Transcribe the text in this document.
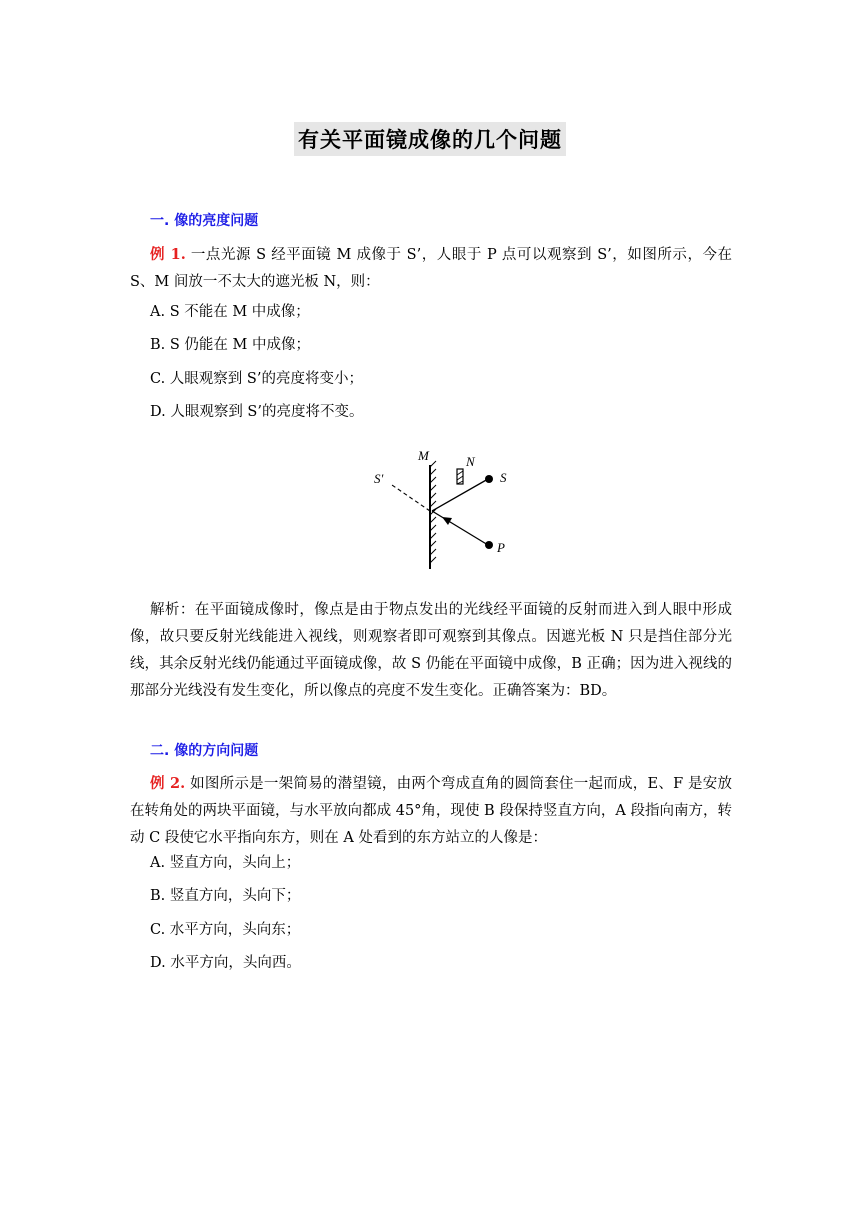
有关平面镜成像的几个问题
一. 像的亮度问题
例 1. 一点光源 S 经平面镜 M 成像于 S’，人眼于 P 点可以观察到 S’，如图所示，今在 S、M 间放一不太大的遮光板 N，则：
A. S 不能在 M 中成像；
B. S 仍能在 M 中成像；
C. 人眼观察到 S’的亮度将变小；
D. 人眼观察到 S’的亮度将不变。
M	N
S
S′
P
解析：在平面镜成像时，像点是由于物点发出的光线经平面镜的反射而进入到人眼中形成像，故只要反射光线能进入视线，则观察者即可观察到其像点。因遮光板 N 只是挡住部分光线，其余反射光线仍能通过平面镜成像，故 S 仍能在平面镜中成像，B 正确；因为进入视线的那部分光线没有发生变化，所以像点的亮度不发生变化。正确答案为：BD。
二. 像的方向问题
例 2. 如图所示是一架简易的潜望镜，由两个弯成直角的圆筒套住一起而成，E、F 是安放在转角处的两块平面镜，与水平放向都成 45°角，现使 B 段保持竖直方向，A 段指向南方，转动 C 段使它水平指向东方，则在 A 处看到的东方站立的人像是：
A. 竖直方向，头向上；
B. 竖直方向，头向下；
C. 水平方向，头向东；
D. 水平方向，头向西。
